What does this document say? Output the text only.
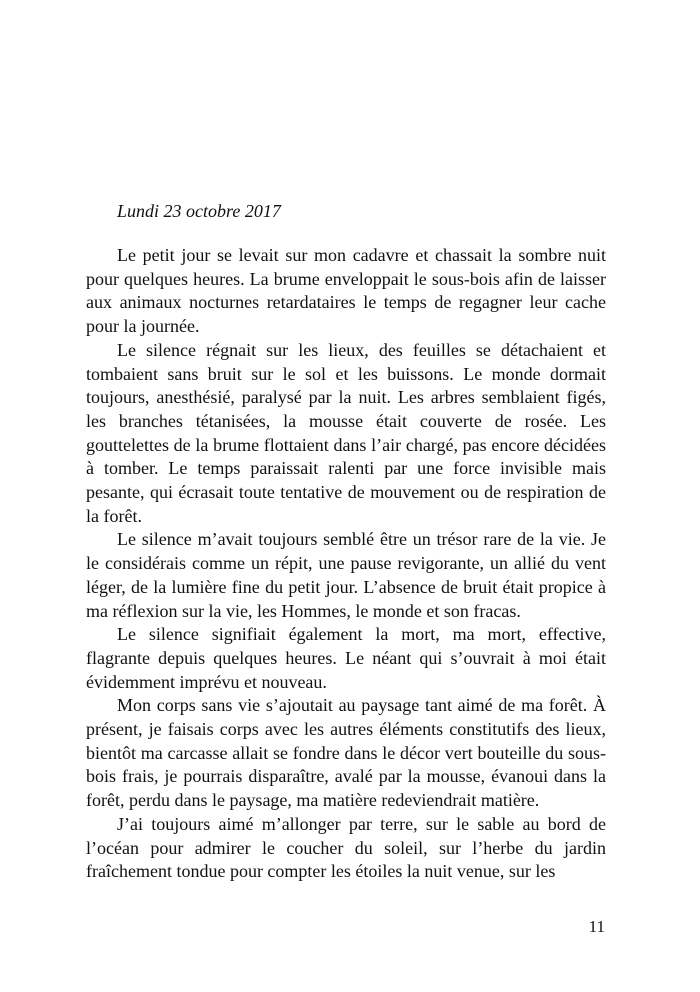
Lundi 23 octobre 2017

Le petit jour se levait sur mon cadavre et chassait la sombre nuit pour quelques heures. La brume enveloppait le sous-bois afin de laisser aux animaux nocturnes retardataires le temps de regagner leur cache pour la journée.

Le silence régnait sur les lieux, des feuilles se détachaient et tombaient sans bruit sur le sol et les buissons. Le monde dormait toujours, anesthésié, paralysé par la nuit. Les arbres semblaient figés, les branches tétanisées, la mousse était couverte de rosée. Les gouttelettes de la brume flottaient dans l’air chargé, pas encore décidées à tomber. Le temps paraissait ralenti par une force invisible mais pesante, qui écrasait toute tentative de mouvement ou de respiration de la forêt.

Le silence m’avait toujours semblé être un trésor rare de la vie. Je le considérais comme un répit, une pause revigorante, un allié du vent léger, de la lumière fine du petit jour. L’absence de bruit était propice à ma réflexion sur la vie, les Hommes, le monde et son fracas.

Le silence signifiait également la mort, ma mort, effective, flagrante depuis quelques heures. Le néant qui s’ouvrait à moi était évidemment imprévu et nouveau.

Mon corps sans vie s’ajoutait au paysage tant aimé de ma forêt. À présent, je faisais corps avec les autres éléments constitutifs des lieux, bientôt ma carcasse allait se fondre dans le décor vert bouteille du sous-bois frais, je pourrais disparaître, avalé par la mousse, évanoui dans la forêt, perdu dans le paysage, ma matière redeviendrait matière.

J’ai toujours aimé m’allonger par terre, sur le sable au bord de l’océan pour admirer le coucher du soleil, sur l’herbe du jardin fraîchement tondue pour compter les étoiles la nuit venue, sur les

11
